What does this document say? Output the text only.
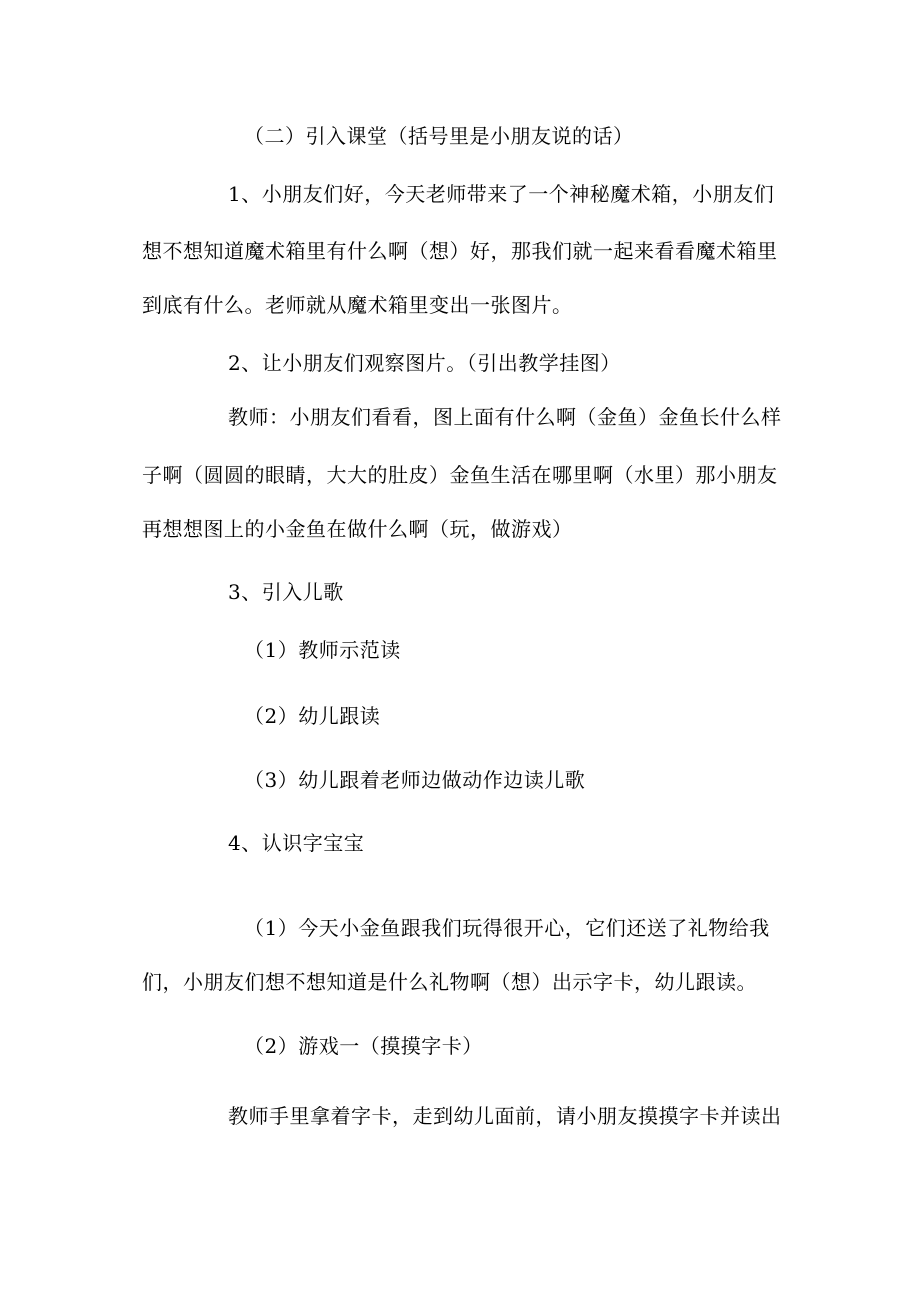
（二）引入课堂（括号里是小朋友说的话）
1、小朋友们好，今天老师带来了一个神秘魔术箱，小朋友们
想不想知道魔术箱里有什么啊（想）好，那我们就一起来看看魔术箱里
到底有什么。老师就从魔术箱里变出一张图片。
2、让小朋友们观察图片。（引出教学挂图）
教师：小朋友们看看，图上面有什么啊（金鱼）金鱼长什么样
子啊（圆圆的眼睛，大大的肚皮）金鱼生活在哪里啊（水里）那小朋友
再想想图上的小金鱼在做什么啊（玩，做游戏）
3、引入儿歌
（1）教师示范读
（2）幼儿跟读
（3）幼儿跟着老师边做动作边读儿歌
4、认识字宝宝
（1）今天小金鱼跟我们玩得很开心，它们还送了礼物给我
们，小朋友们想不想知道是什么礼物啊（想）出示字卡，幼儿跟读。
（2）游戏一（摸摸字卡）
教师手里拿着字卡，走到幼儿面前，请小朋友摸摸字卡并读出
